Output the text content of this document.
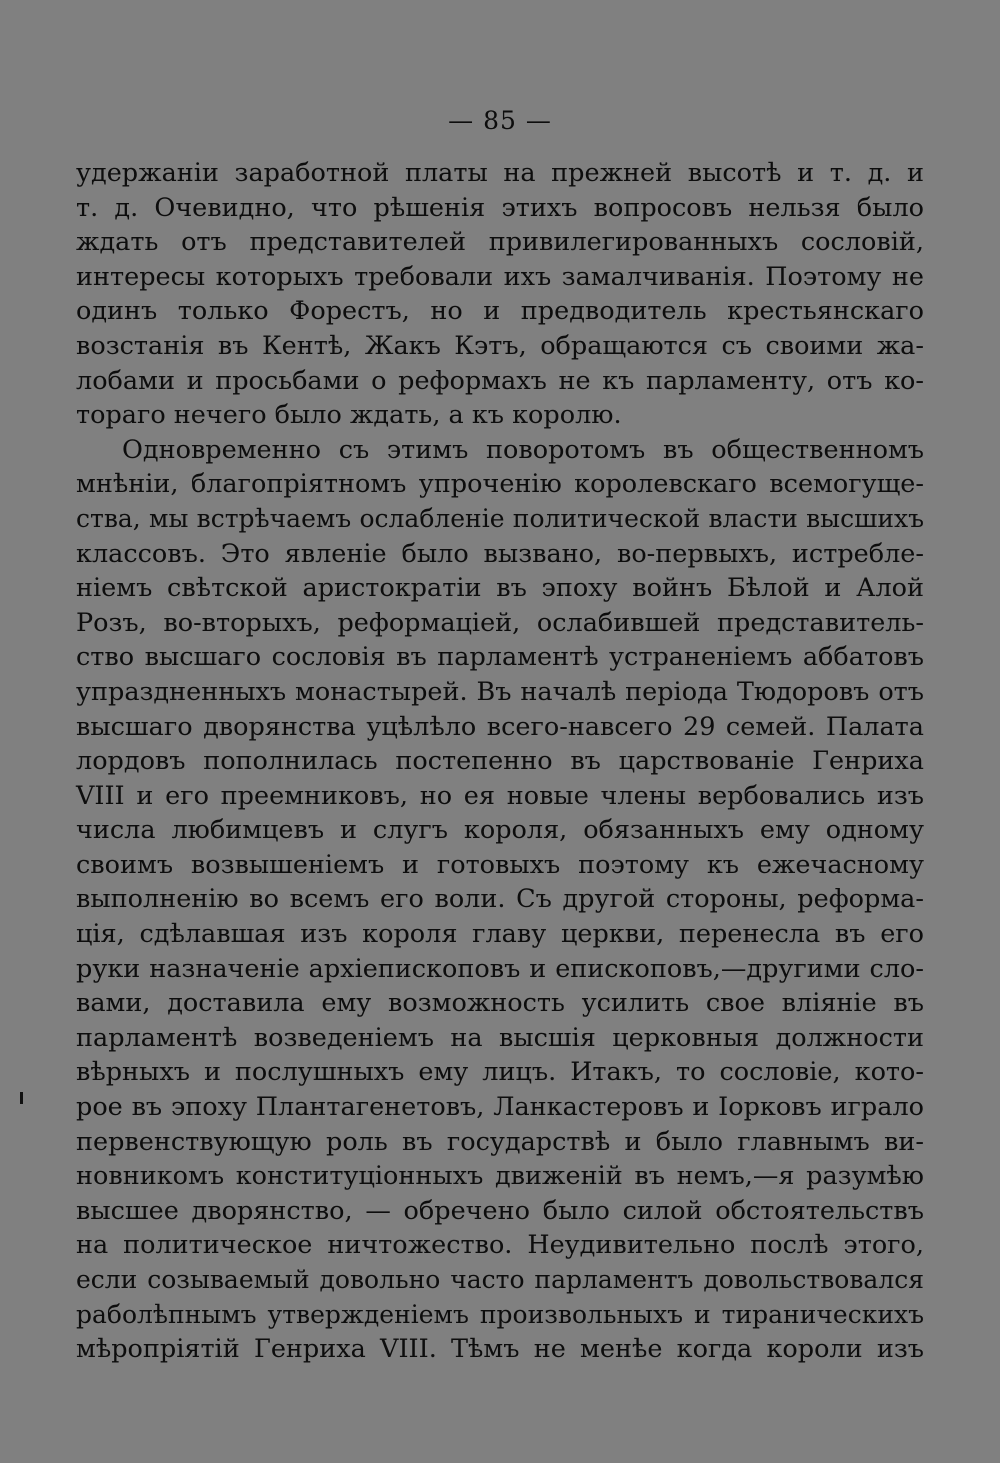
— 85 —
удержанiи заработной платы на прежней высотѣ и т. д. и
т. д. Очевидно, что рѣшенія этихъ вопросовъ нельзя было
ждать отъ представителей привилегированныхъ сословій,
интересы которыхъ требовали ихъ замалчиванія. Поэтому не
одинъ только Форестъ, но и предводитель крестьянскаго
возстанія въ Кентѣ, Жакъ Кэтъ, обращаются съ своими жа-
лобами и просьбами о реформахъ не къ парламенту, отъ ко-
тораго нечего было ждать, а къ королю.
Одновременно съ этимъ поворотомъ въ общественномъ
мнѣніи, благопріятномъ упроченію королевскаго всемогуще-
ства, мы встрѣчаемъ ослабленіе политической власти высшихъ
классовъ. Это явленіе было вызвано, во-первыхъ, истребле-
ніемъ свѣтской аристократіи въ эпоху войнъ Бѣлой и Алой
Розъ, во-вторыхъ, реформаціей, ослабившей представитель-
ство высшаго сословія въ парламентѣ устраненіемъ аббатовъ
упраздненныхъ монастырей. Въ началѣ періода Тюдоровъ отъ
высшаго дворянства уцѣлѣло всего-навсего 29 семей. Палата
лордовъ пополнилась постепенно въ царствованіе Генриха
VIII и его преемниковъ, но ея новые члены вербовались изъ
числа любимцевъ и слугъ короля, обязанныхъ ему одному
своимъ возвышеніемъ и готовыхъ поэтому къ ежечасному
выполненію во всемъ его воли. Съ другой стороны, реформа-
ція, сдѣлавшая изъ короля главу церкви, перенесла въ его
руки назначеніе архіепископовъ и епископовъ,—другими сло-
вами, доставила ему возможность усилить свое вліяніе въ
парламентѣ возведеніемъ на высшія церковныя должности
вѣрныхъ и послушныхъ ему лицъ. Итакъ, то сословіе, кото-
рое въ эпоху Плантагенетовъ, Ланкастеровъ и Іорковъ играло
первенствующую роль въ государствѣ и было главнымъ ви-
новникомъ конституціонныхъ движеній въ немъ,—я разумѣю
высшее дворянство, — обречено было силой обстоятельствъ
на политическое ничтожество. Неудивительно послѣ этого,
если созываемый довольно часто парламентъ довольствовался
раболѣпнымъ утвержденіемъ произвольныхъ и тираническихъ
мѣропріятій Генриха VIII. Тѣмъ не менѣе когда короли изъ
